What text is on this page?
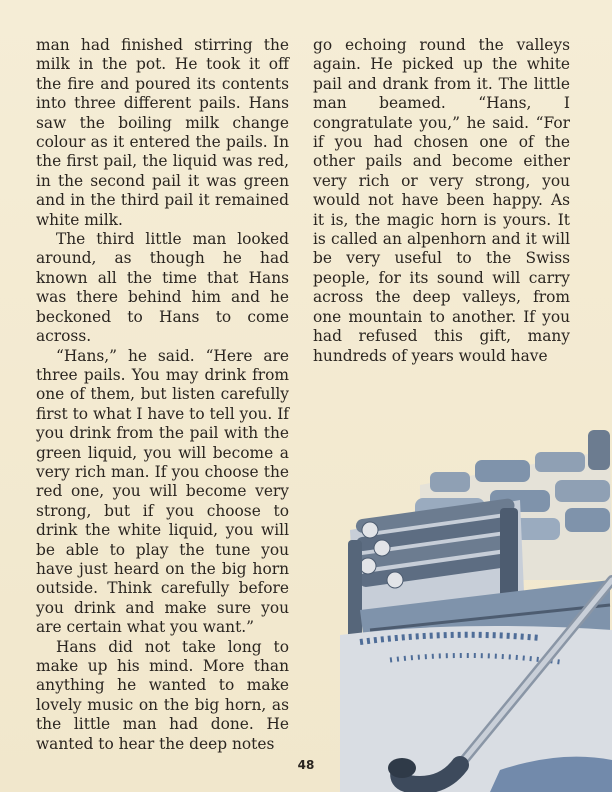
man had finished stirring the milk in the pot. He took it off the fire and poured its contents into three different pails. Hans saw the boiling milk change colour as it entered the pails. In the first pail, the liquid was red, in the second pail it was green and in the third pail it remained white milk.

The third little man looked around, as though he had known all the time that Hans was there behind him and he beckoned to Hans to come across.

“Hans,” he said. “Here are three pails. You may drink from one of them, but listen carefully first to what I have to tell you. If you drink from the pail with the green liquid, you will become a very rich man. If you choose the red one, you will become very strong, but if you choose to drink the white liquid, you will be able to play the tune you have just heard on the big horn outside. Think carefully before you drink and make sure you are certain what you want.”

Hans did not take long to make up his mind. More than anything he wanted to make lovely music on the big horn, as the little man had done. He wanted to hear the deep notes

go echoing round the valleys again. He picked up the white pail and drank from it. The little man beamed. “Hans, I congratulate you,” he said. “For if you had chosen one of the other pails and become either very rich or very strong, you would not have been happy. As it is, the magic horn is yours. It is called an alpenhorn and it will be very useful to the Swiss people, for its sound will carry across the deep valleys, from one mountain to another. If you had refused this gift, many hundreds of years would have

48
